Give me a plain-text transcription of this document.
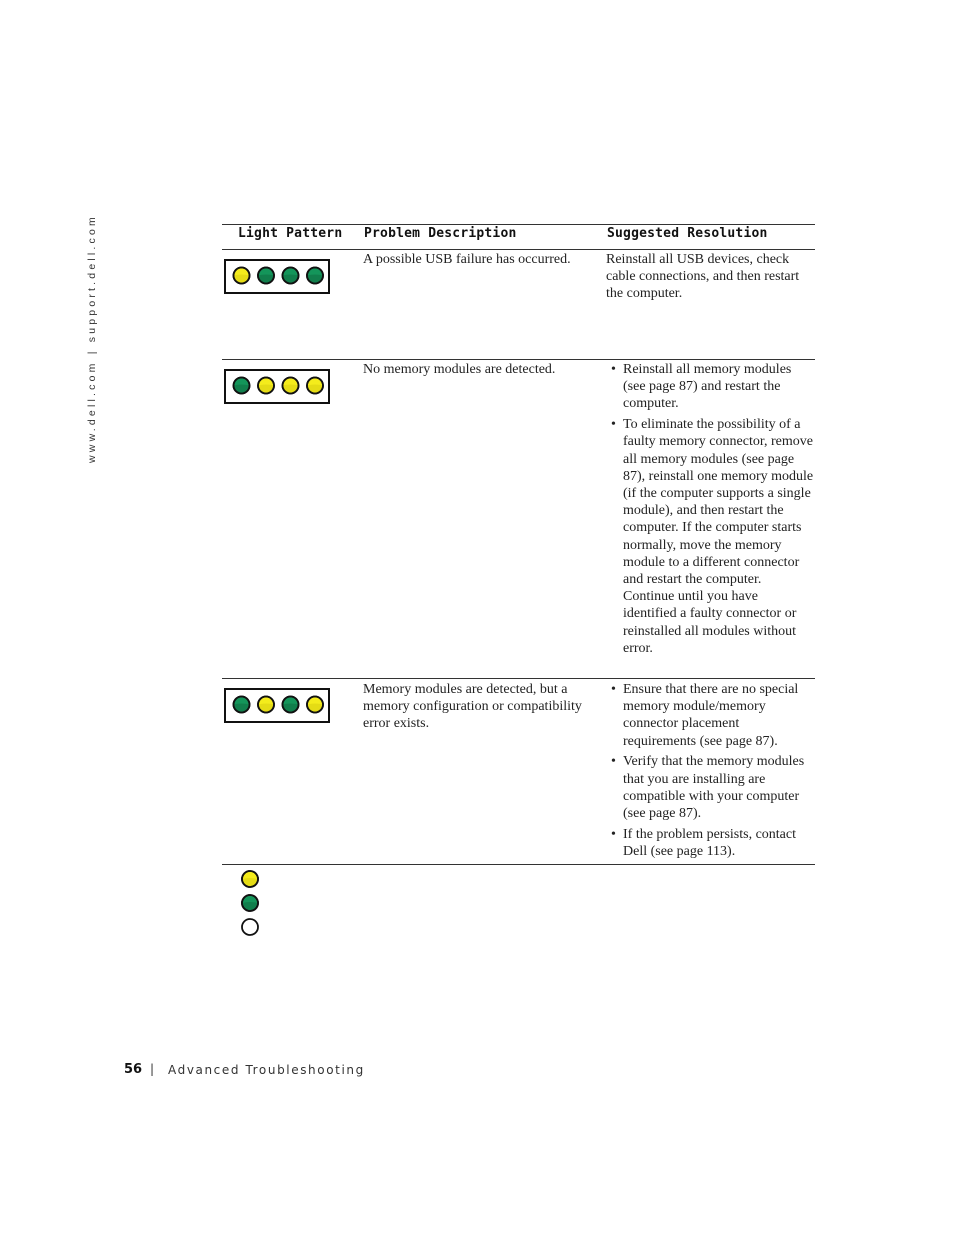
www.dell.com | support.dell.com	Light Pattern Problem Description	Suggested Resolution
A possible USB failure has occurred.	Reinstall all USB devices, check cable connections, and then restart the computer.
No memory modules are detected.
•	Reinstall all memory modules (see page 87) and restart the computer.
• To eliminate the possibility of a faulty memory connector, remove all memory modules (see page 87), reinstall one memory module (if the computer supports a single module), and then restart the computer. If the computer starts normally, move the memory module to a different connector and restart the computer. Continue until you have identified a faulty connector or reinstalled all modules without error.
Memory modules are detected, but a memory configuration or compatibility error exists.
• Ensure that there are no special memory module/memory connector placement requirements (see page 87).
• Verify that the memory modules that you are installing are compatible with your computer (see page 87).
• If the problem persists, contact Dell (see page 113).
56 | Advanced Troubleshooting
